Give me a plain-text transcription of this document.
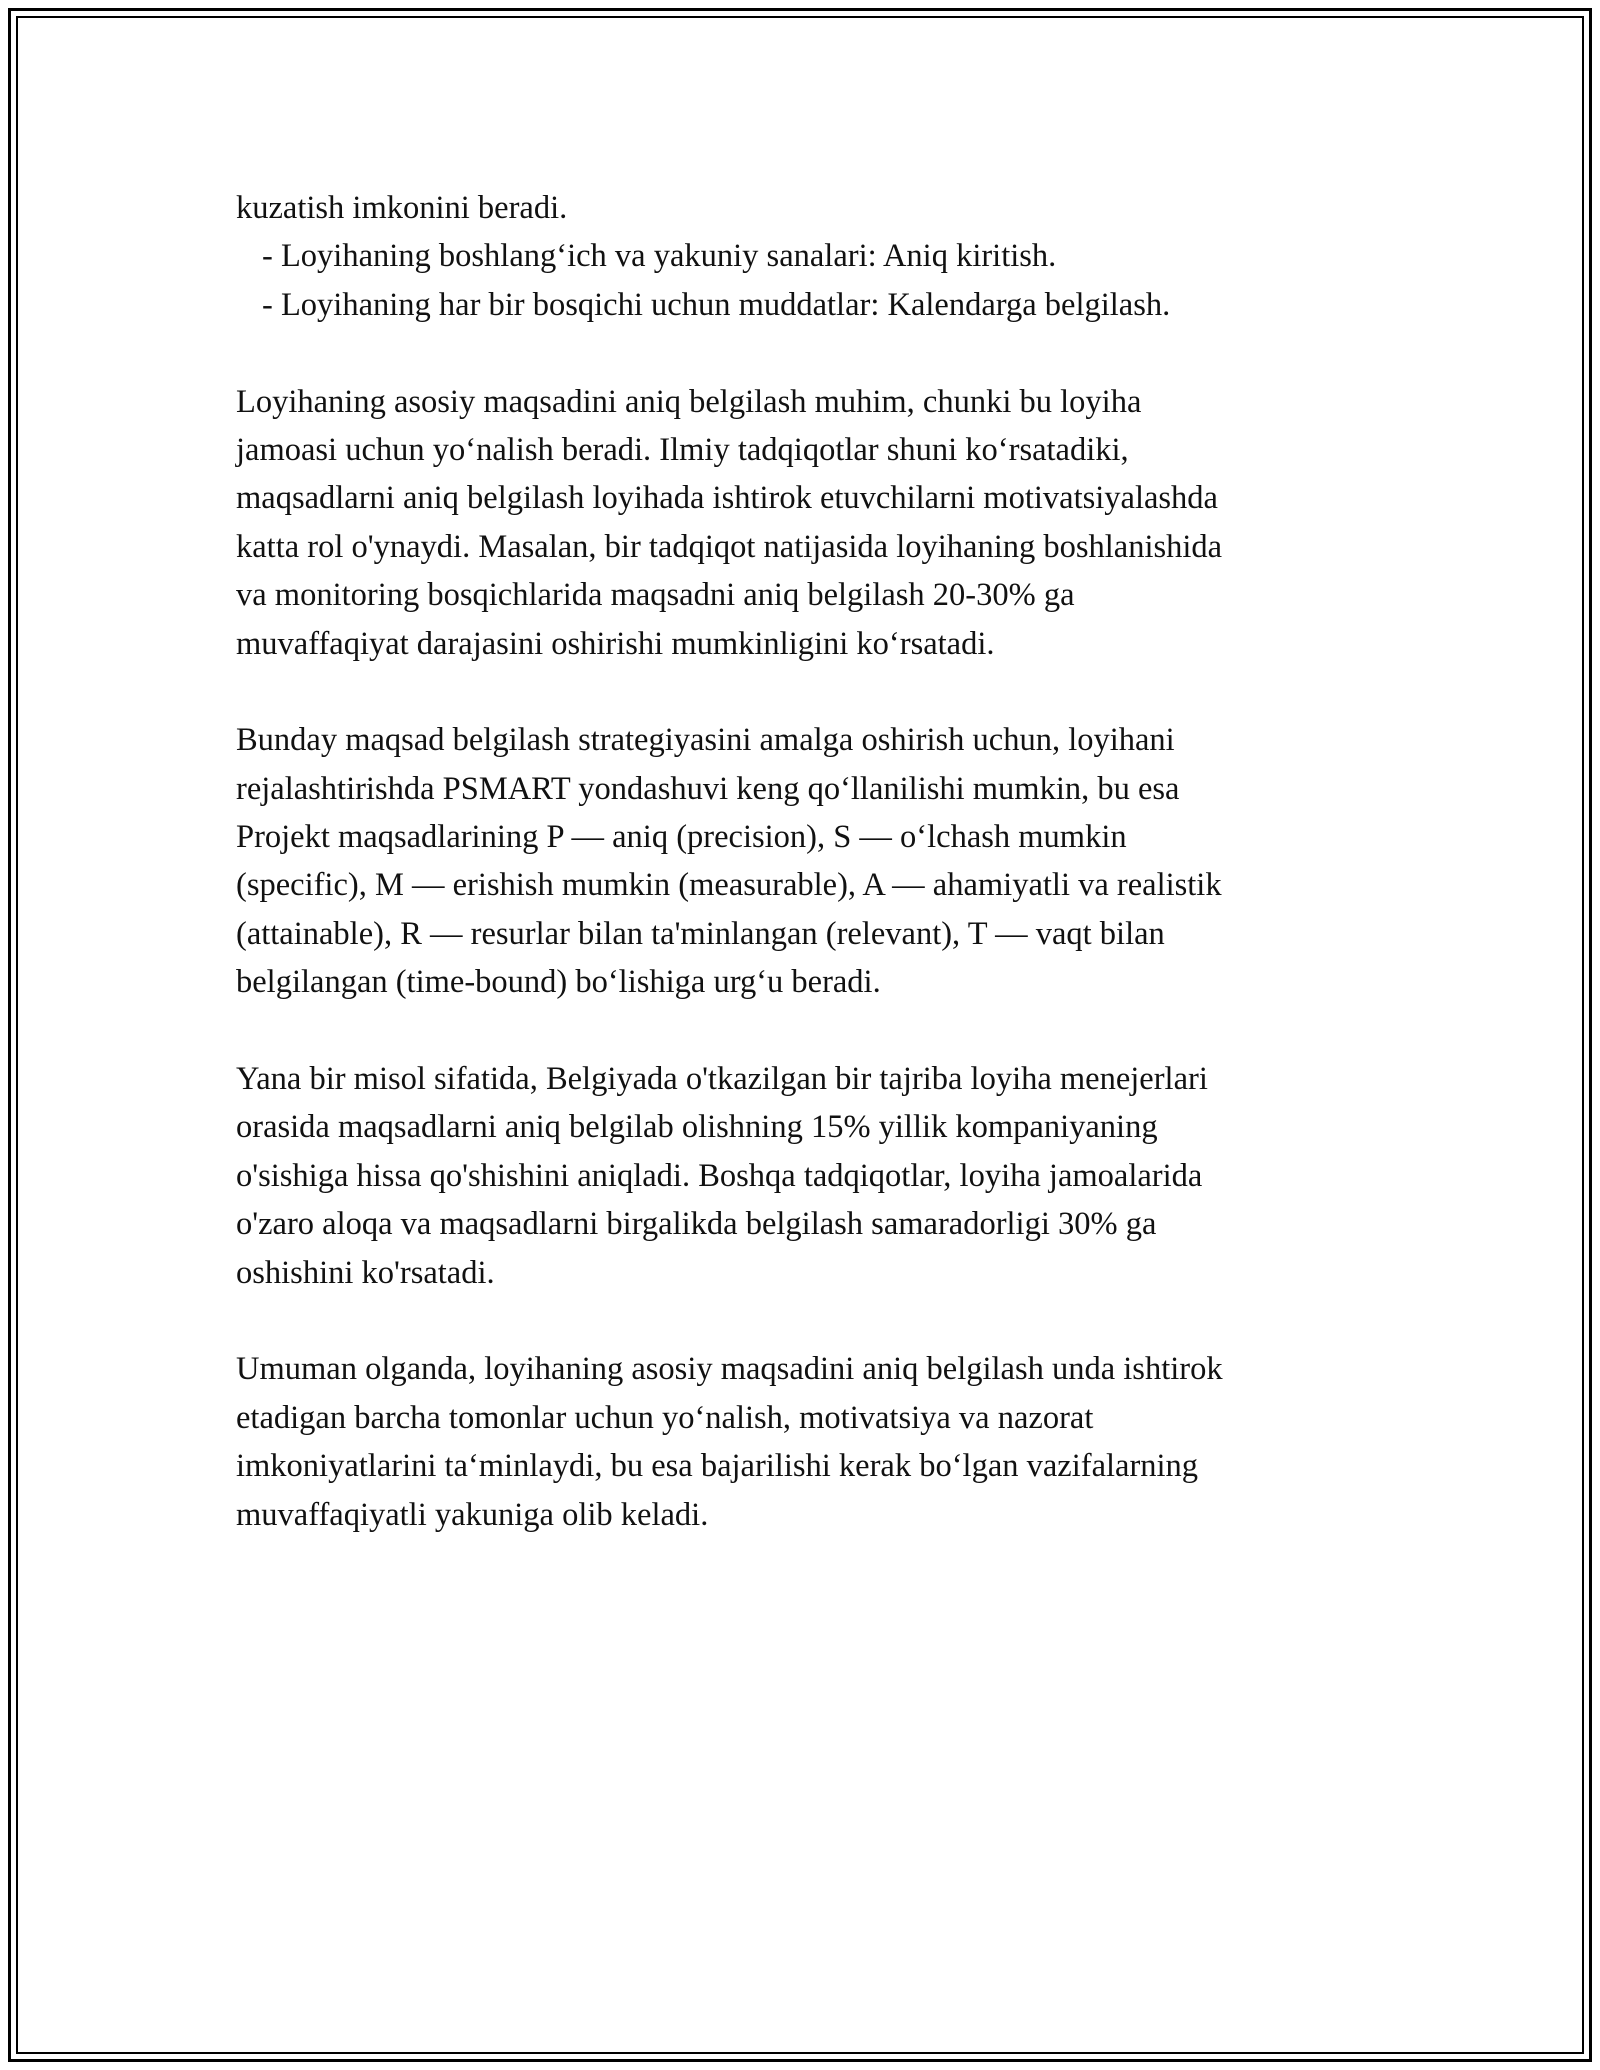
kuzatish imkonini beradi.
- Loyihaning boshlang‘ich va yakuniy sanalari: Aniq kiritish.
- Loyihaning har bir bosqichi uchun muddatlar: Kalendarga belgilash.
Loyihaning asosiy maqsadini aniq belgilash muhim, chunki bu loyiha
jamoasi uchun yo‘nalish beradi. Ilmiy tadqiqotlar shuni ko‘rsatadiki,
maqsadlarni aniq belgilash loyihada ishtirok etuvchilarni motivatsiyalashda
katta rol o'ynaydi. Masalan, bir tadqiqot natijasida loyihaning boshlanishida
va monitoring bosqichlarida maqsadni aniq belgilash 20-30% ga
muvaffaqiyat darajasini oshirishi mumkinligini ko‘rsatadi.
Bunday maqsad belgilash strategiyasini amalga oshirish uchun, loyihani
rejalashtirishda PSMART yondashuvi keng qo‘llanilishi mumkin, bu esa
Projekt maqsadlarining P — aniq (precision), S — o‘lchash mumkin
(specific), M — erishish mumkin (measurable), A — ahamiyatli va realistik
(attainable), R — resurlar bilan ta'minlangan (relevant), T — vaqt bilan
belgilangan (time-bound) bo‘lishiga urg‘u beradi.
Yana bir misol sifatida, Belgiyada o'tkazilgan bir tajriba loyiha menejerlari
orasida maqsadlarni aniq belgilab olishning 15% yillik kompaniyaning
o'sishiga hissa qo'shishini aniqladi. Boshqa tadqiqotlar, loyiha jamoalarida
o'zaro aloqa va maqsadlarni birgalikda belgilash samaradorligi 30% ga
oshishini ko'rsatadi.
Umuman olganda, loyihaning asosiy maqsadini aniq belgilash unda ishtirok
etadigan barcha tomonlar uchun yo‘nalish, motivatsiya va nazorat
imkoniyatlarini ta‘minlaydi, bu esa bajarilishi kerak bo‘lgan vazifalarning
muvaffaqiyatli yakuniga olib keladi.
